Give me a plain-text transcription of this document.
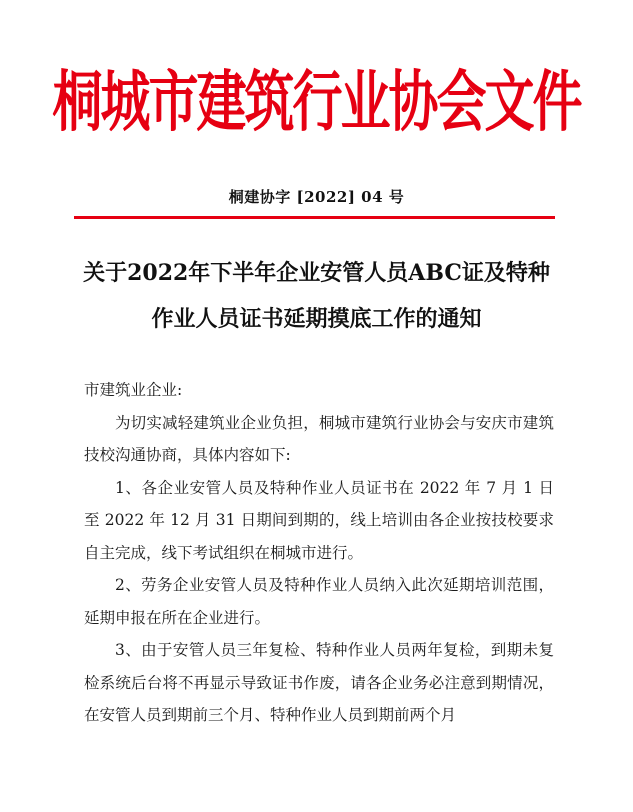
桐城市建筑行业协会文件
桐建协字 [2022] 04 号
关于2022年下半年企业安管人员ABC证及特种
作业人员证书延期摸底工作的通知

市建筑业企业:

为切实减轻建筑业企业负担，桐城市建筑行业协会与安庆市建筑技校沟通协商，具体内容如下:

1、各企业安管人员及特种作业人员证书在 2022 年 7 月 1 日至 2022 年 12 月 31 日期间到期的，线上培训由各企业按技校要求自主完成，线下考试组织在桐城市进行。

2、劳务企业安管人员及特种作业人员纳入此次延期培训范围，延期申报在所在企业进行。

3、由于安管人员三年复检、特种作业人员两年复检，到期未复检系统后台将不再显示导致证书作废，请各企业务必注意到期情况，在安管人员到期前三个月、特种作业人员到期前两个月
